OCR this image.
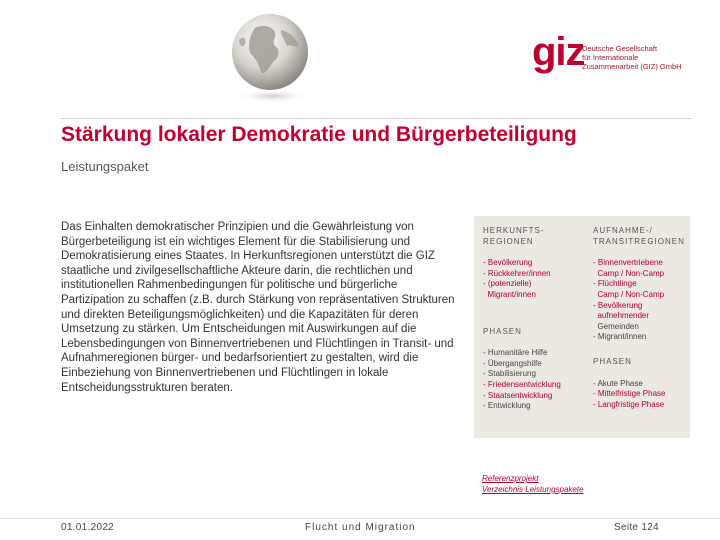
giz
Deutsche Gesellschaft
für Internationale
Zusammenarbeit (GIZ) GmbH
Stärkung lokaler Demokratie und Bürgerbeteiligung
Leistungspaket

Das Einhalten demokratischer Prinzipien und die Gewährleistung von Bürgerbeteiligung ist ein wichtiges Element für die Stabilisierung und Demokratisierung eines Staates. In Herkunftsregionen unterstützt die GIZ staatliche und zivilgesellschaftliche Akteure darin, die rechtlichen und institutionellen Rahmenbedingungen für politische und bürgerliche Partizipation zu schaffen (z.B. durch Stärkung von repräsentativen Strukturen und direkten Beteiligungsmöglichkeiten) und die Kapazitäten für deren Umsetzung zu stärken. Um Entscheidungen mit Auswirkungen auf die Lebensbedingungen von Binnenvertriebenen und Flüchtlingen in Transit- und Aufnahmeregionen bürger- und bedarfsorientiert zu gestalten, wird die Einbeziehung von Binnenvertriebenen und Flüchtlingen in lokale Entscheidungsstrukturen beraten.

HERKUNFTS-
REGIONEN
- Bevölkerung
- Rückkehrer/innen
- (potenzielle)
Migrant/innen
PHASEN
- Humanitäre Hilfe
- Übergangshilfe
- Stabilisierung
- Friedensentwicklung
- Staatsentwicklung
- Entwicklung
AUFNAHME-/
TRANSITREGIONEN
- Binnenvertriebene
Camp / Non-Camp
- Flüchtlinge
Camp / Non-Camp
- Bevölkerung
aufnehmender
Gemeinden
- Migrant/innen
PHASEN
- Akute Phase
- Mittelfristige Phase
- Langfristige Phase
Referenzprojekt
Verzeichnis Leistungspakete
01.01.2022	Flucht und Migration	Seite 124
